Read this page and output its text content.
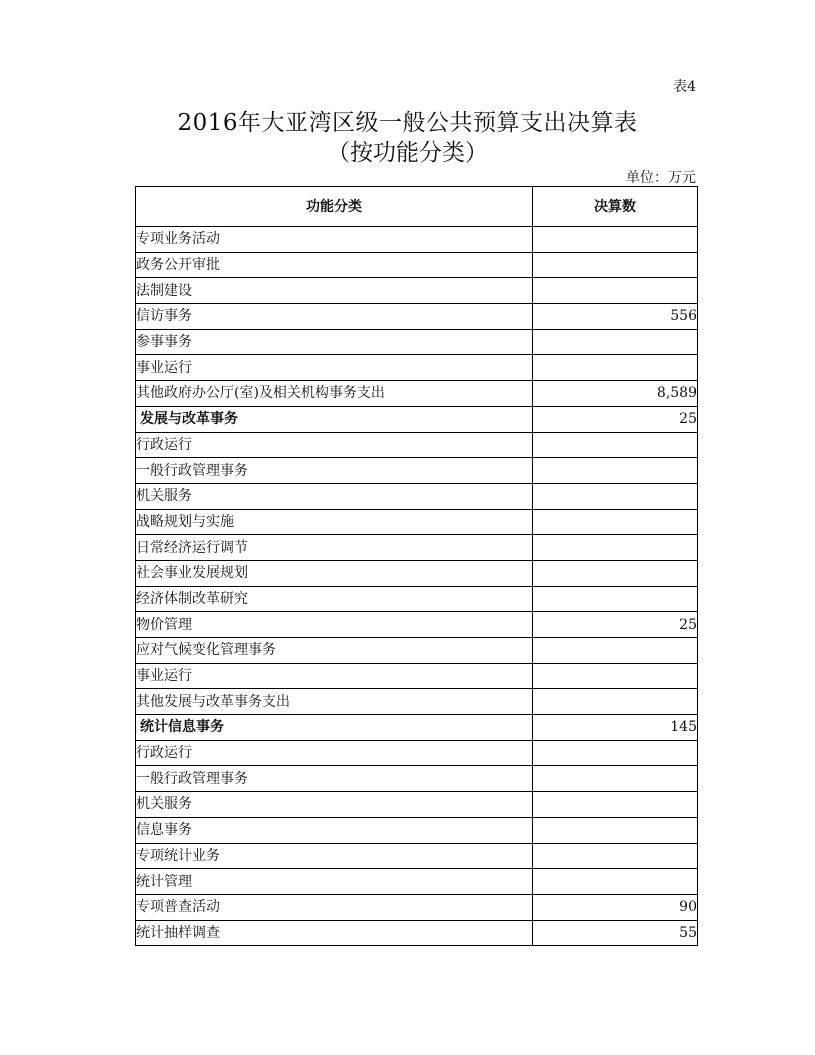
表4
2016年大亚湾区级一般公共预算支出决算表
（按功能分类）
单位：万元
功能分类	决算数
专项业务活动	
政务公开审批	
法制建设	
信访事务	556
参事事务	
事业运行	
其他政府办公厅(室)及相关机构事务支出	8,589
发展与改革事务	25
行政运行	
一般行政管理事务	
机关服务	
战略规划与实施	
日常经济运行调节	
社会事业发展规划	
经济体制改革研究	
物价管理	25
应对气候变化管理事务	
事业运行	
其他发展与改革事务支出	
统计信息事务	145
行政运行	
一般行政管理事务	
机关服务	
信息事务	
专项统计业务	
统计管理	
专项普查活动	90
统计抽样调查	55
